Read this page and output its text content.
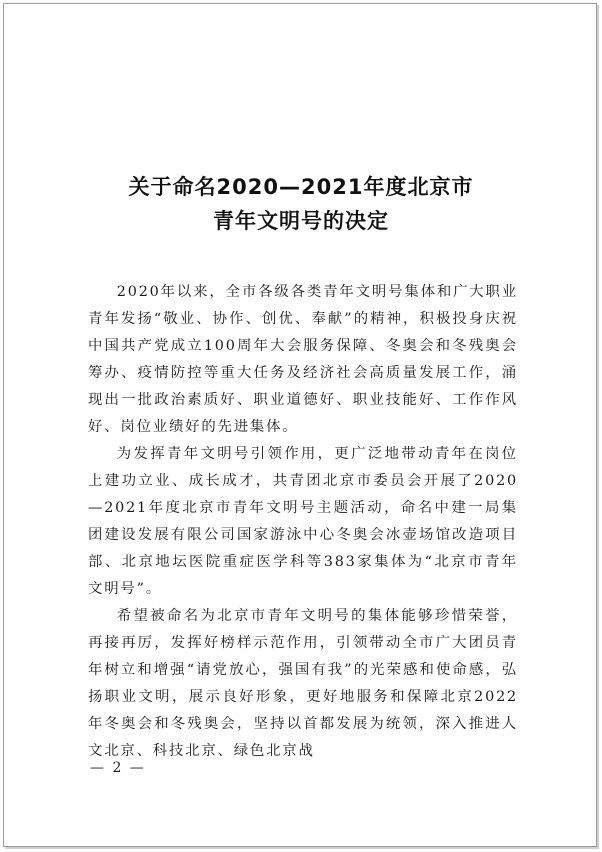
关于命名2020—2021年度北京市
青年文明号的决定

2020年以来，全市各级各类青年文明号集体和广大职业青年发扬“敬业、协作、创优、奉献”的精神，积极投身庆祝中国共产党成立100周年大会服务保障、冬奥会和冬残奥会筹办、疫情防控等重大任务及经济社会高质量发展工作，涌现出一批政治素质好、职业道德好、职业技能好、工作作风好、岗位业绩好的先进集体。

为发挥青年文明号引领作用，更广泛地带动青年在岗位上建功立业、成长成才，共青团北京市委员会开展了2020—2021年度北京市青年文明号主题活动，命名中建一局集团建设发展有限公司国家游泳中心冬奥会冰壶场馆改造项目部、北京地坛医院重症医学科等383家集体为“北京市青年文明号”。

希望被命名为北京市青年文明号的集体能够珍惜荣誉，再接再厉，发挥好榜样示范作用，引领带动全市广大团员青年树立和增强“请党放心，强国有我”的光荣感和使命感，弘扬职业文明，展示良好形象，更好地服务和保障北京2022年冬奥会和冬残奥会，坚持以首都发展为统领，深入推进人文北京、科技北京、绿色北京战

— 2 —
